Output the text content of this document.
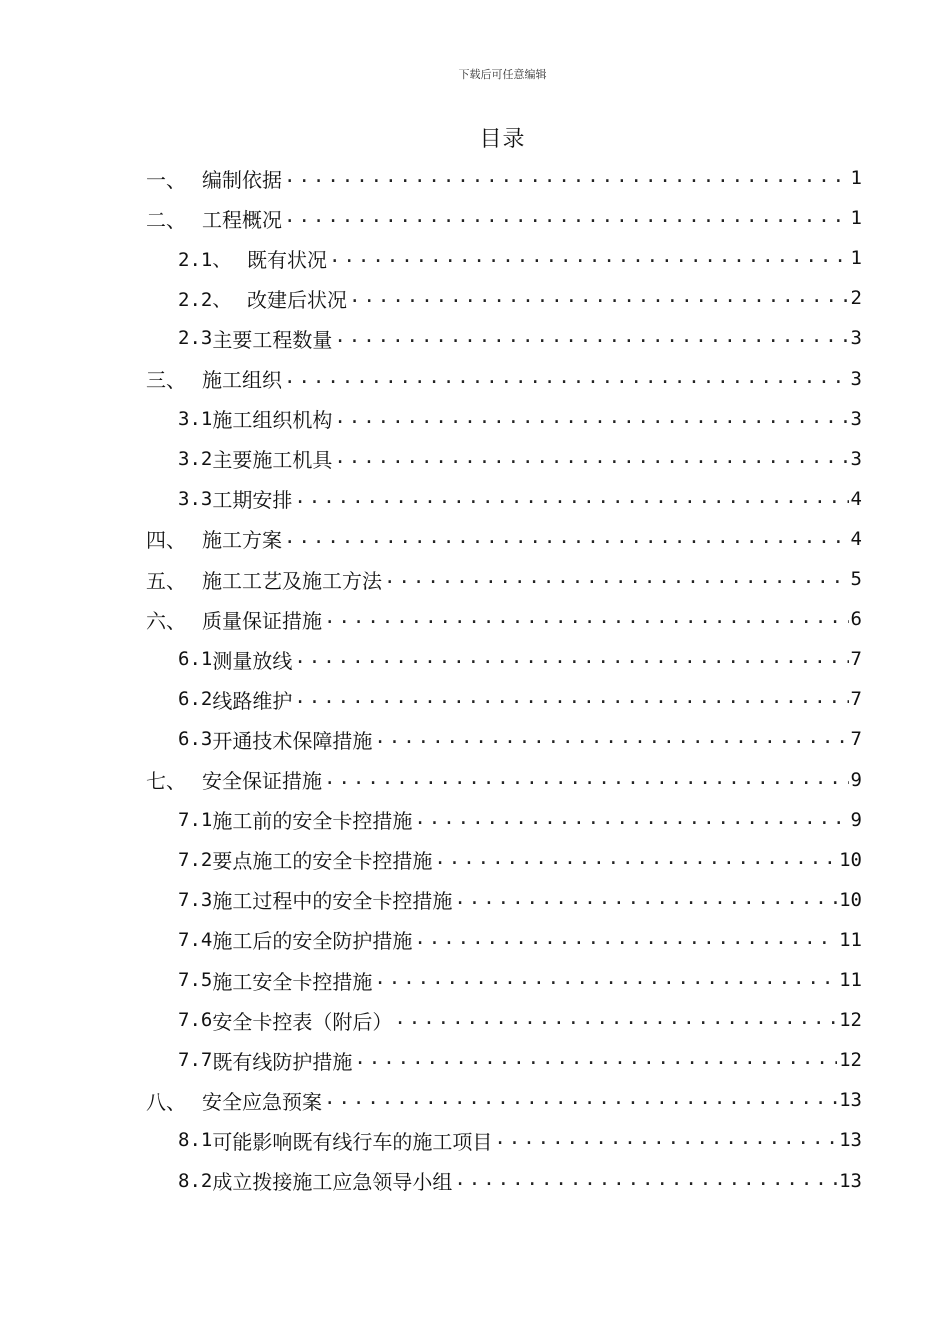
下载后可任意编辑
目录
一、 编制依据 .....	1
二、 工程概况 .....	1
2.1、 既有状况 .....	1
2.2、 改建后状况 .....	2
2.3 主要工程数量 .....	3
三、 施工组织 .....	3
3.1 施工组织机构 .....	3
3.2 主要施工机具 .....	3
3.3 工期安排 .....	4
四、 施工方案 .....	4
五、 施工工艺及施工方法 .....	5
六、 质量保证措施 .....	6
6.1 测量放线 .....	7
6.2 线路维护 .....	7
6.3 开通技术保障措施 .....	7
七、 安全保证措施 .....	9
7.1 施工前的安全卡控措施 .....	9
7.2 要点施工的安全卡控措施 .....	10
7.3 施工过程中的安全卡控措施 .....	10
7.4 施工后的安全防护措施 .....	11
7.5 施工安全卡控措施 .....	11
7.6 安全卡控表（附后） .....	12
7.7 既有线防护措施 .....	12
八、 安全应急预案 .....	13
8.1 可能影响既有线行车的施工项目 .....	13
8.2 成立拨接施工应急领导小组 .....	13
